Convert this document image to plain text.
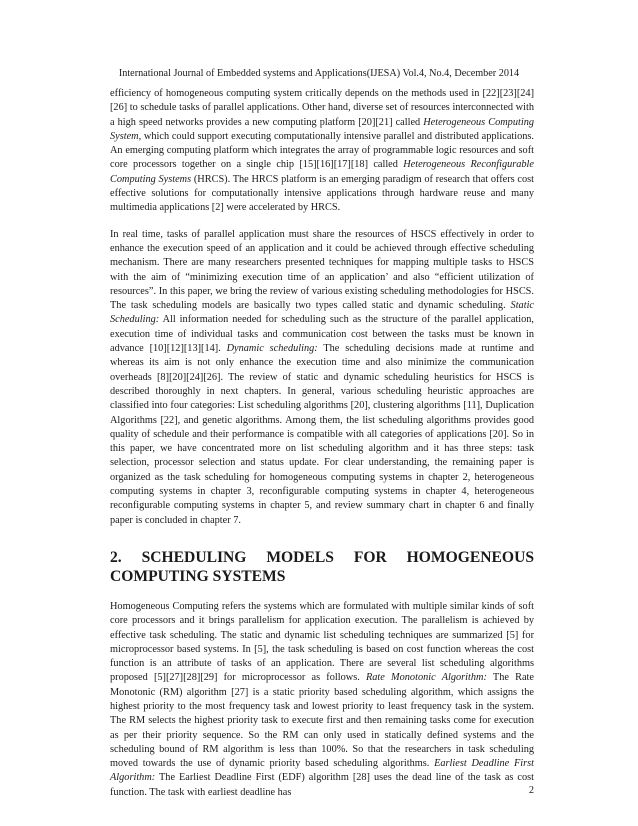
International Journal of Embedded systems and Applications(IJESA) Vol.4, No.4, December 2014

efficiency of homogeneous computing system critically depends on the methods used in [22][23][24][26] to schedule tasks of parallel applications. Other hand, diverse set of resources interconnected with a high speed networks provides a new computing platform [20][21] called Heterogeneous Computing System, which could support executing computationally intensive parallel and distributed applications. An emerging computing platform which integrates the array of programmable logic resources and soft core processors together on a single chip [15][16][17][18] called Heterogeneous Reconfigurable Computing Systems (HRCS). The HRCS platform is an emerging paradigm of research that offers cost effective solutions for computationally intensive applications through hardware reuse and many multimedia applications [2] were accelerated by HRCS.

In real time, tasks of parallel application must share the resources of HSCS effectively in order to enhance the execution speed of an application and it could be achieved through effective scheduling mechanism. There are many researchers presented techniques for mapping multiple tasks to HSCS with the aim of “minimizing execution time of an application’ and also “efficient utilization of resources”. In this paper, we bring the review of various existing scheduling methodologies for HSCS. The task scheduling models are basically two types called static and dynamic scheduling. Static Scheduling: All information needed for scheduling such as the structure of the parallel application, execution time of individual tasks and communication cost between the tasks must be known in advance [10][12][13][14]. Dynamic scheduling: The scheduling decisions made at runtime and whereas its aim is not only enhance the execution time and also minimize the communication overheads [8][20][24][26]. The review of static and dynamic scheduling heuristics for HSCS is described thoroughly in next chapters. In general, various scheduling heuristic approaches are classified into four categories: List scheduling algorithms [20], clustering algorithms [11], Duplication Algorithms [22], and genetic algorithms. Among them, the list scheduling algorithms provides good quality of schedule and their performance is compatible with all categories of applications [20]. So in this paper, we have concentrated more on list scheduling algorithm and it has three steps: task selection, processor selection and status update. For clear understanding, the remaining paper is organized as the task scheduling for homogeneous computing systems in chapter 2, heterogeneous computing systems in chapter 3, reconfigurable computing systems in chapter 4, heterogeneous reconfigurable computing systems in chapter 5, and review summary chart in chapter 6 and finally paper is concluded in chapter 7.

2. SCHEDULING MODELS FOR HOMOGENEOUS COMPUTING SYSTEMS

Homogeneous Computing refers the systems which are formulated with multiple similar kinds of soft core processors and it brings parallelism for application execution. The parallelism is achieved by effective task scheduling. The static and dynamic list scheduling techniques are summarized [5] for microprocessor based systems. In [5], the task scheduling is based on cost function whereas the cost function is an attribute of tasks of an application. There are several list scheduling algorithms proposed [5][27][28][29] for microprocessor as follows. Rate Monotonic Algorithm: The Rate Monotonic (RM) algorithm [27] is a static priority based scheduling algorithm, which assigns the highest priority to the most frequency task and lowest priority to least frequency task in the system. The RM selects the highest priority task to execute first and then remaining tasks come for execution as per their priority sequence. So the RM can only used in statically defined systems and the scheduling bound of RM algorithm is less than 100%. So that the researchers in task scheduling moved towards the use of dynamic priority based scheduling algorithms. Earliest Deadline First Algorithm: The Earliest Deadline First (EDF) algorithm [28] uses the dead line of the task as cost function. The task with earliest deadline has	2
